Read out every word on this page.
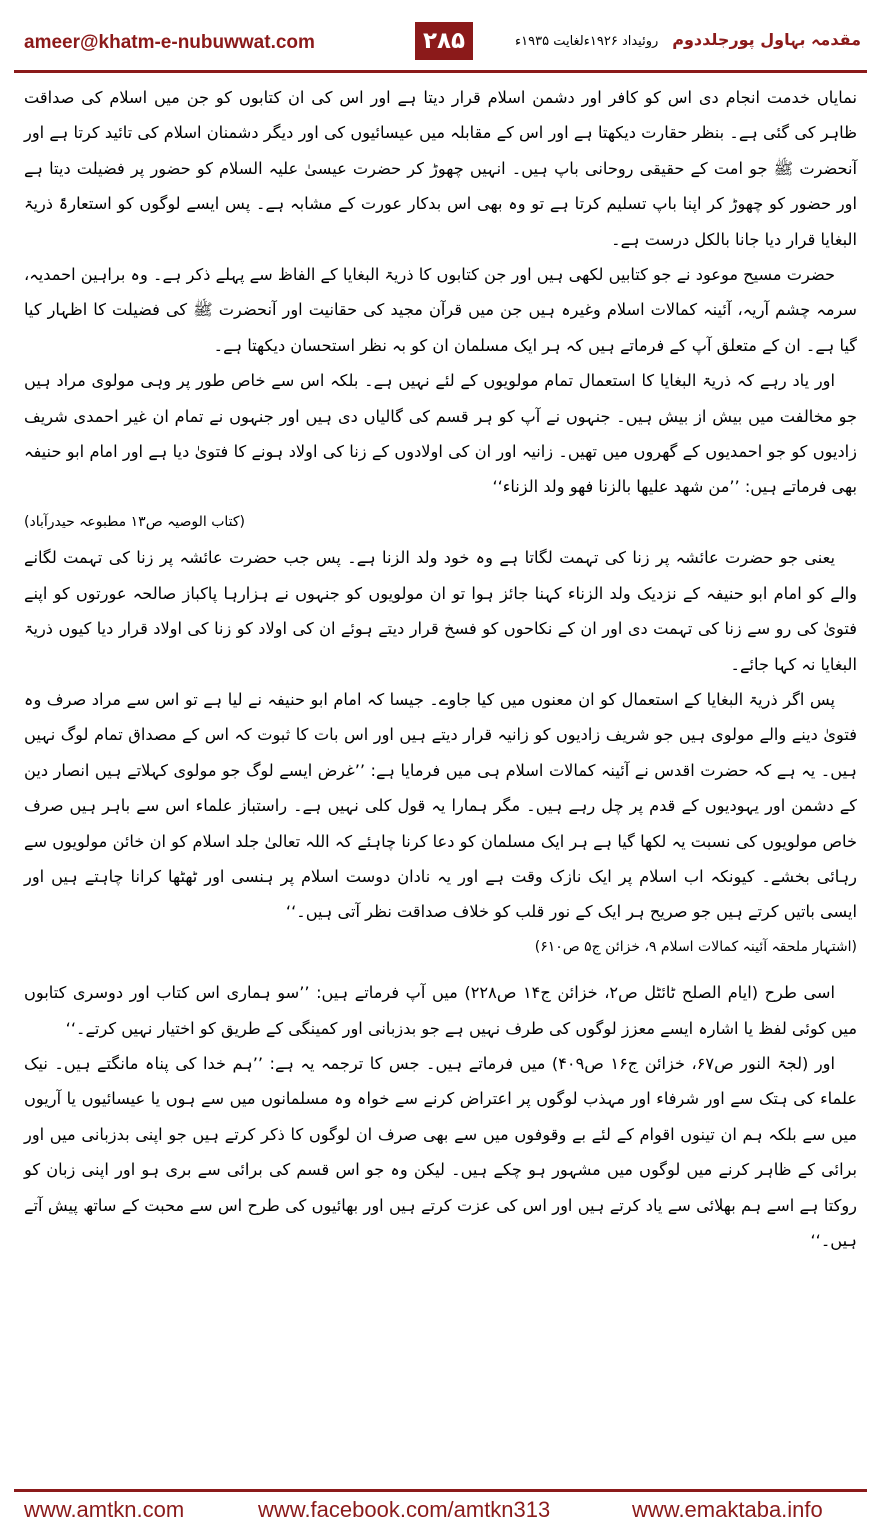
ameer@khatm-e-nubuwwat.com	۲۸۵	روئیداد ۱۹۲۶ءلغایت ۱۹۳۵ء مقدمہ بہاول پورجلددوم

نمایاں خدمت انجام دی اس کو کافر اور دشمن اسلام قرار دیتا ہے اور اس کی ان کتابوں کو جن میں اسلام کی صداقت ظاہر کی گئی ہے۔ بنظر حقارت دیکھتا ہے اور اس کے مقابلہ میں عیسائیوں کی اور دیگر دشمنان اسلام کی تائید کرتا ہے اور آنحضرت ﷺ جو امت کے حقیقی روحانی باپ ہیں۔ انہیں چھوڑ کر حضرت عیسیٰ علیہ السلام کو حضور پر فضیلت دیتا ہے اور حضور کو چھوڑ کر اپنا باپ تسلیم کرتا ہے تو وہ بھی اس بدکار عورت کے مشابہ ہے۔ پس ایسے لوگوں کو استعارۃً ذریۃ البغایا قرار دیا جانا بالکل درست ہے۔

حضرت مسیح موعود نے جو کتابیں لکھی ہیں اور جن کتابوں کا ذریۃ البغایا کے الفاظ سے پہلے ذکر ہے۔ وہ براہین احمدیہ، سرمہ چشم آریہ، آئینہ کمالات اسلام وغیرہ ہیں جن میں قرآن مجید کی حقانیت اور آنحضرت ﷺ کی فضیلت کا اظہار کیا گیا ہے۔ ان کے متعلق آپ کے فرماتے ہیں کہ ہر ایک مسلمان ان کو بہ نظر استحسان دیکھتا ہے۔

اور یاد رہے کہ ذریۃ البغایا کا استعمال تمام مولویوں کے لئے نہیں ہے۔ بلکہ اس سے خاص طور پر وہی مولوی مراد ہیں جو مخالفت میں بیش از بیش ہیں۔ جنہوں نے آپ کو ہر قسم کی گالیاں دی ہیں اور جنہوں نے تمام ان غیر احمدی شریف زادیوں کو جو احمدیوں کے گھروں میں تھیں۔ زانیہ اور ان کی اولادوں کے زنا کی اولاد ہونے کا فتویٰ دیا ہے اور امام ابو حنیفہ بھی فرماتے ہیں: ’’من شھد علیھا بالزنا فھو ولد الزناء‘‘

(کتاب الوصیہ ص۱۳ مطبوعہ حیدرآباد)

یعنی جو حضرت عائشہ پر زنا کی تہمت لگاتا ہے وہ خود ولد الزنا ہے۔ پس جب حضرت عائشہ پر زنا کی تہمت لگانے والے کو امام ابو حنیفہ کے نزدیک ولد الزناء کہنا جائز ہوا تو ان مولویوں کو جنہوں نے ہزارہا پاکباز صالحہ عورتوں کو اپنے فتویٰ کی رو سے زنا کی تہمت دی اور ان کے نکاحوں کو فسخ قرار دیتے ہوئے ان کی اولاد کو زنا کی اولاد قرار دیا کیوں ذریۃ البغایا نہ کہا جائے۔

پس اگر ذریۃ البغایا کے استعمال کو ان معنوں میں کیا جاوے۔ جیسا کہ امام ابو حنیفہ نے لیا ہے تو اس سے مراد صرف وہ فتویٰ دینے والے مولوی ہیں جو شریف زادیوں کو زانیہ قرار دیتے ہیں اور اس بات کا ثبوت کہ اس کے مصداق تمام لوگ نہیں ہیں۔ یہ ہے کہ حضرت اقدس نے آئینہ کمالات اسلام ہی میں فرمایا ہے: ’’غرض ایسے لوگ جو مولوی کہلاتے ہیں انصار دین کے دشمن اور یہودیوں کے قدم پر چل رہے ہیں۔ مگر ہمارا یہ قول کلی نہیں ہے۔ راستباز علماء اس سے باہر ہیں صرف خاص مولویوں کی نسبت یہ لکھا گیا ہے ہر ایک مسلمان کو دعا کرنا چاہئے کہ اللہ تعالیٰ جلد اسلام کو ان خائن مولویوں سے رہائی بخشے۔ کیونکہ اب اسلام پر ایک نازک وقت ہے اور یہ نادان دوست اسلام پر ہنسی اور ٹھٹھا کرانا چاہتے ہیں اور ایسی باتیں کرتے ہیں جو صریح ہر ایک کے نور قلب کو خلاف صداقت نظر آتی ہیں۔‘‘

(اشتہار ملحقہ آئینہ کمالات اسلام ۹، خزائن ج۵ ص۶۱۰)

اسی طرح (ایام الصلح ٹائٹل ص۲، خزائن ج۱۴ ص۲۲۸) میں آپ فرماتے ہیں: ’’سو ہماری اس کتاب اور دوسری کتابوں میں کوئی لفظ یا اشارہ ایسے معزز لوگوں کی طرف نہیں ہے جو بدزبانی اور کمینگی کے طریق کو اختیار نہیں کرتے۔‘‘

اور (لجۃ النور ص۶۷، خزائن ج۱۶ ص۴۰۹) میں فرماتے ہیں۔ جس کا ترجمہ یہ ہے: ’’ہم خدا کی پناہ مانگتے ہیں۔ نیک علماء کی ہتک سے اور شرفاء اور مہذب لوگوں پر اعتراض کرنے سے خواہ وہ مسلمانوں میں سے ہوں یا عیسائیوں یا آریوں میں سے بلکہ ہم ان تینوں اقوام کے لئے بے وقوفوں میں سے بھی صرف ان لوگوں کا ذکر کرتے ہیں جو اپنی بدزبانی میں اور برائی کے ظاہر کرنے میں لوگوں میں مشہور ہو چکے ہیں۔ لیکن وہ جو اس قسم کی برائی سے بری ہو اور اپنی زبان کو روکتا ہے اسے ہم بھلائی سے یاد کرتے ہیں اور اس کی عزت کرتے ہیں اور بھائیوں کی طرح اس سے محبت کے ساتھ پیش آتے ہیں۔‘‘

www.amtkn.com	www.facebook.com/amtkn313	www.emaktaba.info
